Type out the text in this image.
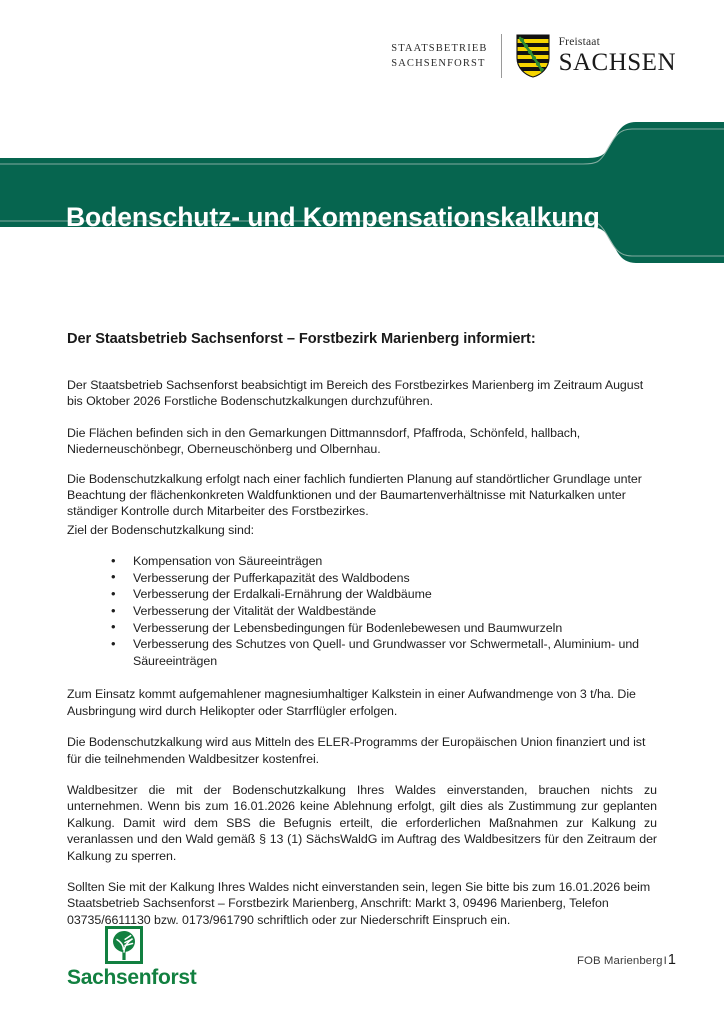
STAATSBETRIEB
SACHSENFORST
Freistaat
SACHSEN
Bodenschutz- und Kompensationskalkung

Der Staatsbetrieb Sachsenforst – Forstbezirk Marienberg informiert:

Der Staatsbetrieb Sachsenforst beabsichtigt im Bereich des Forstbezirkes Marienberg im Zeitraum August bis Oktober 2026 Forstliche Bodenschutzkalkungen durchzuführen.

Die Flächen befinden sich in den Gemarkungen Dittmannsdorf, Pfaffroda, Schönfeld, hallbach, Niederneuschönbegr, Oberneuschönberg und Olbernhau.

Die Bodenschutzkalkung erfolgt nach einer fachlich fundierten Planung auf standörtlicher Grundlage unter Beachtung der flächenkonkreten Waldfunktionen und der Baumartenverhältnisse mit Naturkalken unter ständiger Kontrolle durch Mitarbeiter des Forstbezirkes.

Ziel der Bodenschutzkalkung sind:

• Kompensation von Säureeinträgen
• Verbesserung der Pufferkapazität des Waldbodens
• Verbesserung der Erdalkali-Ernährung der Waldbäume
• Verbesserung der Vitalität der Waldbestände
• Verbesserung der Lebensbedingungen für Bodenlebewesen und Baumwurzeln
• Verbesserung des Schutzes von Quell- und Grundwasser vor Schwermetall-, Aluminium- und
Säureeinträgen

Zum Einsatz kommt aufgemahlener magnesiumhaltiger Kalkstein in einer Aufwandmenge von 3 t/ha. Die Ausbringung wird durch Helikopter oder Starrflügler erfolgen.

Die Bodenschutzkalkung wird aus Mitteln des ELER-Programms der Europäischen Union finanziert und ist für die teilnehmenden Waldbesitzer kostenfrei.

Waldbesitzer die mit der Bodenschutzkalkung Ihres Waldes einverstanden, brauchen nichts zu unternehmen. Wenn bis zum 16.01.2026 keine Ablehnung erfolgt, gilt dies als Zustimmung zur geplanten Kalkung. Damit wird dem SBS die Befugnis erteilt, die erforderlichen Maßnahmen zur Kalkung zu veranlassen und den Wald gemäß § 13 (1) SächsWaldG im Auftrag des Waldbesitzers für den Zeitraum der Kalkung zu sperren.

Sollten Sie mit der Kalkung Ihres Waldes nicht einverstanden sein, legen Sie bitte bis zum 16.01.2026 beim Staatsbetrieb Sachsenforst – Forstbezirk Marienberg, Anschrift: Markt 3, 09496 Marienberg, Telefon 03735/6611130 bzw. 0173/961790 schriftlich oder zur Niederschrift Einspruch ein.

Sachsenforst
FOB MarienbergI1
